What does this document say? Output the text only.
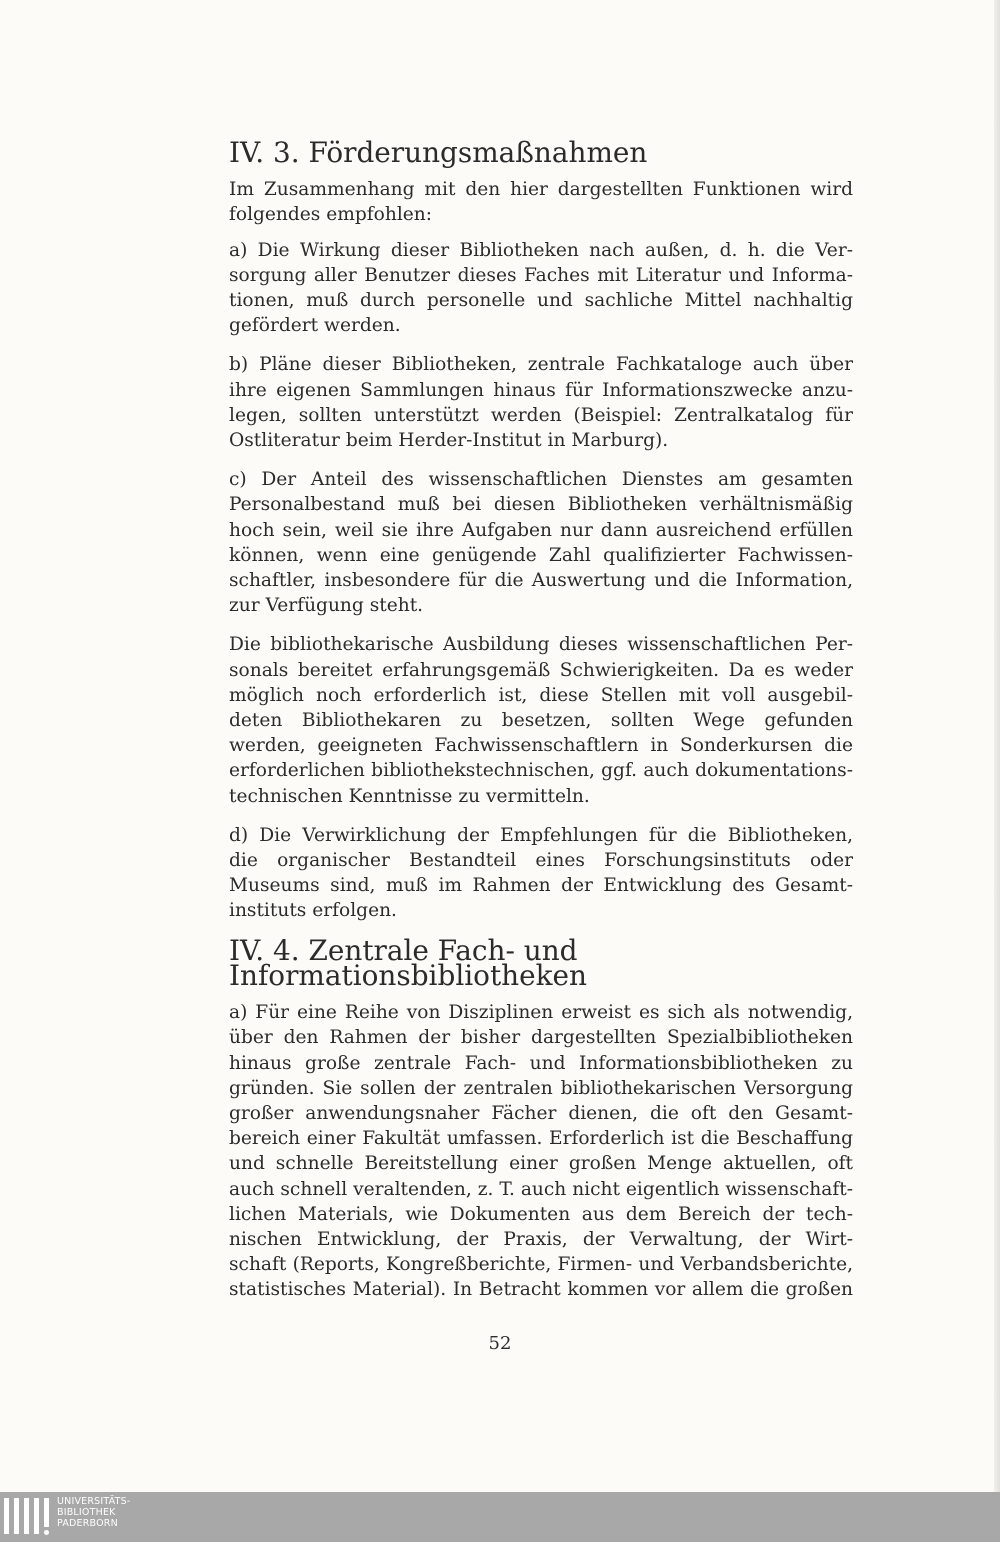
IV. 3. Förderungsmaßnahmen

Im Zusammenhang mit den hier dargestellten Funktionen wird
folgendes empfohlen:

a) Die Wirkung dieser Bibliotheken nach außen, d. h. die Ver-
sorgung aller Benutzer dieses Faches mit Literatur und Informa-
tionen, muß durch personelle und sachliche Mittel nachhaltig
gefördert werden.

b) Pläne dieser Bibliotheken, zentrale Fachkataloge auch über
ihre eigenen Sammlungen hinaus für Informationszwecke anzu-
legen, sollten unterstützt werden (Beispiel: Zentralkatalog für
Ostliteratur beim Herder-Institut in Marburg).

c) Der Anteil des wissenschaftlichen Dienstes am gesamten
Personalbestand muß bei diesen Bibliotheken verhältnismäßig
hoch sein, weil sie ihre Aufgaben nur dann ausreichend erfüllen
können, wenn eine genügende Zahl qualifizierter Fachwissen-
schaftler, insbesondere für die Auswertung und die Information,
zur Verfügung steht.

Die bibliothekarische Ausbildung dieses wissenschaftlichen Per-
sonals bereitet erfahrungsgemäß Schwierigkeiten. Da es weder
möglich noch erforderlich ist, diese Stellen mit voll ausgebil-
deten Bibliothekaren zu besetzen, sollten Wege gefunden
werden, geeigneten Fachwissenschaftlern in Sonderkursen die
erforderlichen bibliothekstechnischen, ggf. auch dokumentations-
technischen Kenntnisse zu vermitteln.

d) Die Verwirklichung der Empfehlungen für die Bibliotheken,
die organischer Bestandteil eines Forschungsinstituts oder
Museums sind, muß im Rahmen der Entwicklung des Gesamt-
instituts erfolgen.

IV. 4. Zentrale Fach- und Informationsbibliotheken

a) Für eine Reihe von Disziplinen erweist es sich als notwendig,
über den Rahmen der bisher dargestellten Spezialbibliotheken
hinaus große zentrale Fach- und Informationsbibliotheken zu
gründen. Sie sollen der zentralen bibliothekarischen Versorgung
großer anwendungsnaher Fächer dienen, die oft den Gesamt-
bereich einer Fakultät umfassen. Erforderlich ist die Beschaffung
und schnelle Bereitstellung einer großen Menge aktuellen, oft
auch schnell veraltenden, z. T. auch nicht eigentlich wissenschaft-
lichen Materials, wie Dokumenten aus dem Bereich der tech-
nischen Entwicklung, der Praxis, der Verwaltung, der Wirt-
schaft (Reports, Kongreßberichte, Firmen- und Verbandsberichte,
statistisches Material). In Betracht kommen vor allem die großen

52
UNIVERSITÄTS-
BIBLIOTHEK
PADERBORN
